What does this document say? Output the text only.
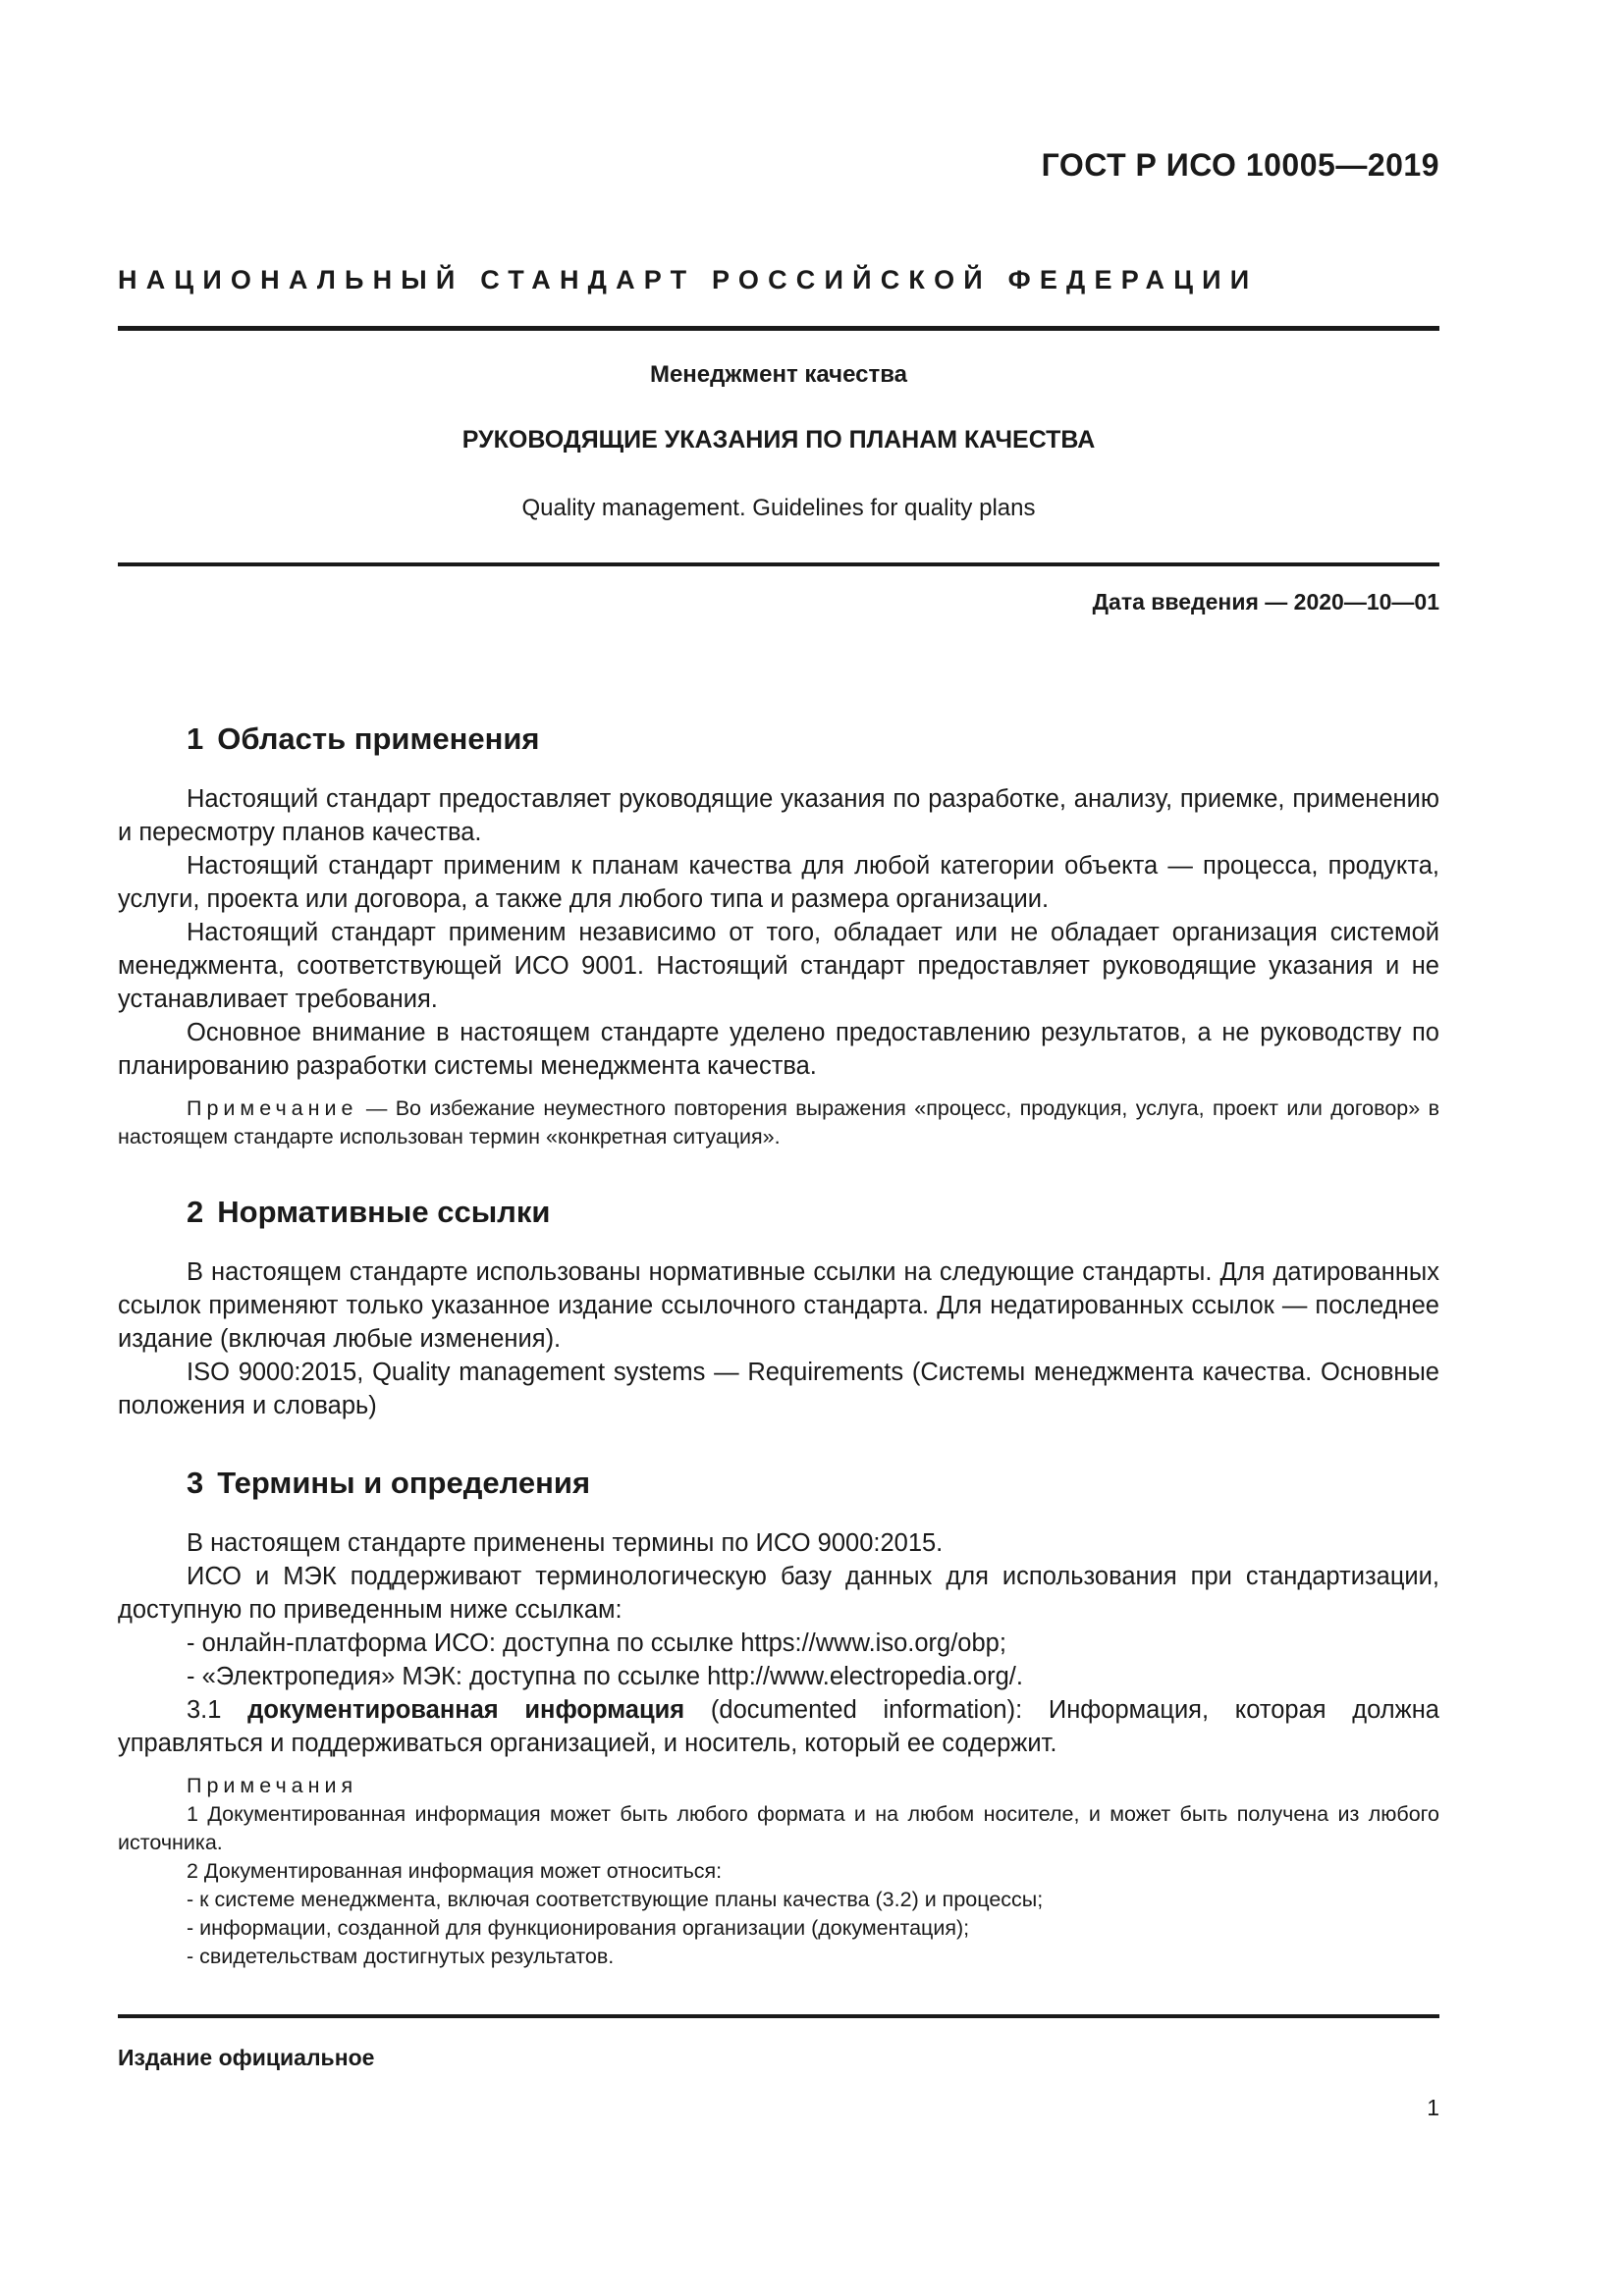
ГОСТ Р ИСО 10005—2019
НАЦИОНАЛЬНЫЙ СТАНДАРТ РОССИЙСКОЙ ФЕДЕРАЦИИ
Менеджмент качества
РУКОВОДЯЩИЕ УКАЗАНИЯ ПО ПЛАНАМ КАЧЕСТВА
Quality management. Guidelines for quality plans
Дата введения — 2020—10—01
1 Область применения

Настоящий стандарт предоставляет руководящие указания по разработке, анализу, приемке, применению и пересмотру планов качества.

Настоящий стандарт применим к планам качества для любой категории объекта — процесса, продукта, услуги, проекта или договора, а также для любого типа и размера организации.

Настоящий стандарт применим независимо от того, обладает или не обладает организация системой менеджмента, соответствующей ИСО 9001. Настоящий стандарт предоставляет руководящие указания и не устанавливает требования.

Основное внимание в настоящем стандарте уделено предоставлению результатов, а не руководству по планированию разработки системы менеджмента качества.

Примечание — Во избежание неуместного повторения выражения «процесс, продукция, услуга, проект или договор» в настоящем стандарте использован термин «конкретная ситуация».

2 Нормативные ссылки

В настоящем стандарте использованы нормативные ссылки на следующие стандарты. Для датированных ссылок применяют только указанное издание ссылочного стандарта. Для недатированных ссылок — последнее издание (включая любые изменения).

ISO 9000:2015, Quality management systems — Requirements (Системы менеджмента качества. Основные положения и словарь)

3 Термины и определения

В настоящем стандарте применены термины по ИСО 9000:2015.

ИСО и МЭК поддерживают терминологическую базу данных для использования при стандартизации, доступную по приведенным ниже ссылкам:

- онлайн-платформа ИСО: доступна по ссылке https://www.iso.org/obp;

- «Электропедия» МЭК: доступна по ссылке http://www.electropedia.org/.

3.1 документированная информация (documented information): Информация, которая должна управляться и поддерживаться организацией, и носитель, который ее содержит.

Примечания

1 Документированная информация может быть любого формата и на любом носителе, и может быть получена из любого источника.

2 Документированная информация может относиться:

- к системе менеджмента, включая соответствующие планы качества (3.2) и процессы;

- информации, созданной для функционирования организации (документация);

- свидетельствам достигнутых результатов.

Издание официальное
1
